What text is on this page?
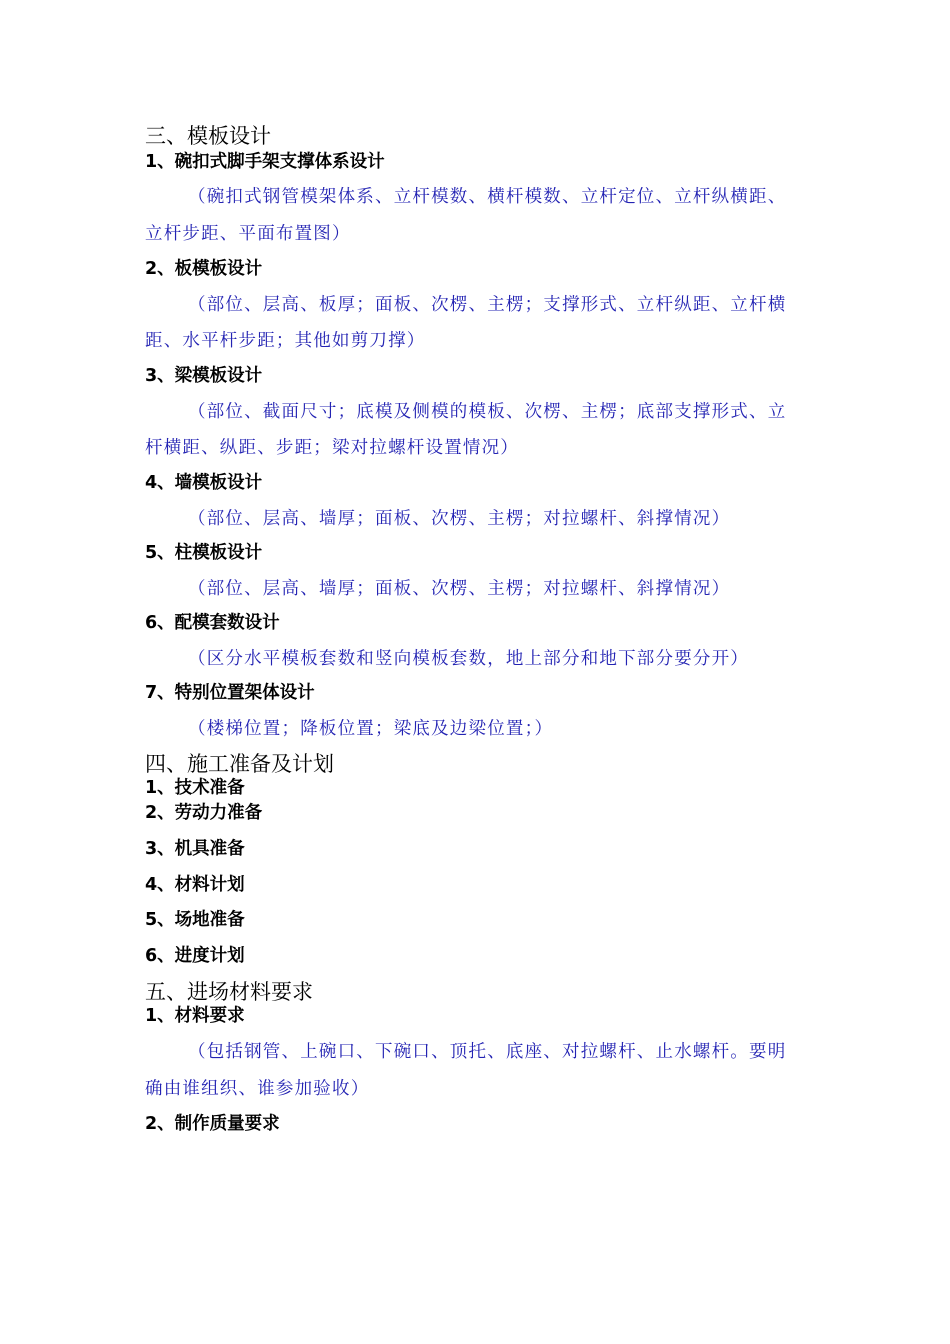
三、模板设计
1、碗扣式脚手架支撑体系设计
（碗扣式钢管模架体系、立杆模数、横杆模数、立杆定位、立杆纵横距、
立杆步距、平面布置图）
2、板模板设计
（部位、层高、板厚；面板、次楞、主楞；支撑形式、立杆纵距、立杆横
距、水平杆步距；其他如剪刀撑）
3、梁模板设计
（部位、截面尺寸；底模及侧模的模板、次楞、主楞；底部支撑形式、立
杆横距、纵距、步距；梁对拉螺杆设置情况）
4、墙模板设计
（部位、层高、墙厚；面板、次楞、主楞；对拉螺杆、斜撑情况）
5、柱模板设计
（部位、层高、墙厚；面板、次楞、主楞；对拉螺杆、斜撑情况）
6、配模套数设计
（区分水平模板套数和竖向模板套数，地上部分和地下部分要分开）
7、特别位置架体设计
（楼梯位置；降板位置；梁底及边梁位置；）
四、施工准备及计划
1、技术准备
2、劳动力准备
3、机具准备
4、材料计划
5、场地准备
6、进度计划
五、进场材料要求
1、材料要求
（包括钢管、上碗口、下碗口、顶托、底座、对拉螺杆、止水螺杆。要明
确由谁组织、谁参加验收）
2、制作质量要求
